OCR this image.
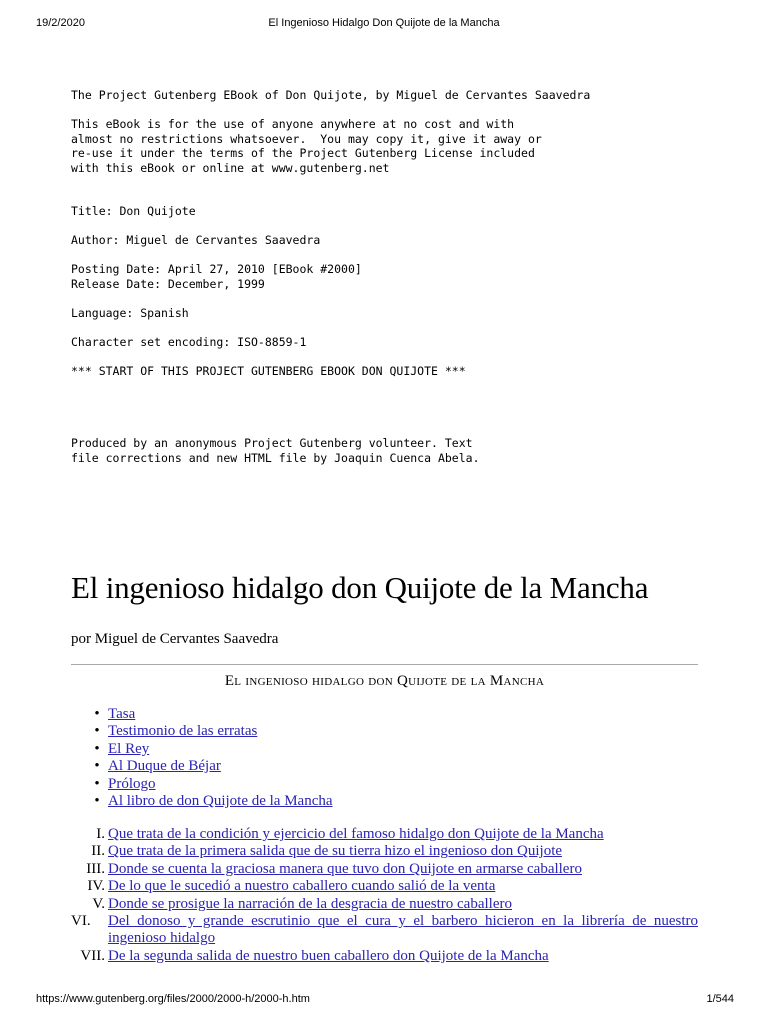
19/2/2020	El Ingenioso Hidalgo Don Quijote de la Mancha
The Project Gutenberg EBook of Don Quijote, by Miguel de Cervantes Saavedra
This eBook is for the use of anyone anywhere at no cost and with
almost no restrictions whatsoever.  You may copy it, give it away or
re-use it under the terms of the Project Gutenberg License included
with this eBook or online at www.gutenberg.net
Title: Don Quijote
Author: Miguel de Cervantes Saavedra
Posting Date: April 27, 2010 [EBook #2000]
Release Date: December, 1999
Language: Spanish
Character set encoding: ISO-8859-1
*** START OF THIS PROJECT GUTENBERG EBOOK DON QUIJOTE ***
Produced by an anonymous Project Gutenberg volunteer. Text
file corrections and new HTML file by Joaquin Cuenca Abela.
El ingenioso hidalgo don Quijote de la Mancha
por Miguel de Cervantes Saavedra
El ingenioso hidalgo don Quijote de la Mancha
• Tasa
• Testimonio de las erratas
• El Rey
• Al Duque de Béjar
• Prólogo
• Al libro de don Quijote de la Mancha
I. Que trata de la condición y ejercicio del famoso hidalgo don Quijote de la Mancha
II. Que trata de la primera salida que de su tierra hizo el ingenioso don Quijote
III. Donde se cuenta la graciosa manera que tuvo don Quijote en armarse caballero
IV. De lo que le sucedió a nuestro caballero cuando salió de la venta
V. Donde se prosigue la narración de la desgracia de nuestro caballero
VI.	Del donoso y grande escrutinio que el cura y el barbero hicieron en la librería de nuestro ingenioso hidalgo
VII. De la segunda salida de nuestro buen caballero don Quijote de la Mancha
https://www.gutenberg.org/files/2000/2000-h/2000-h.htm	1/544
